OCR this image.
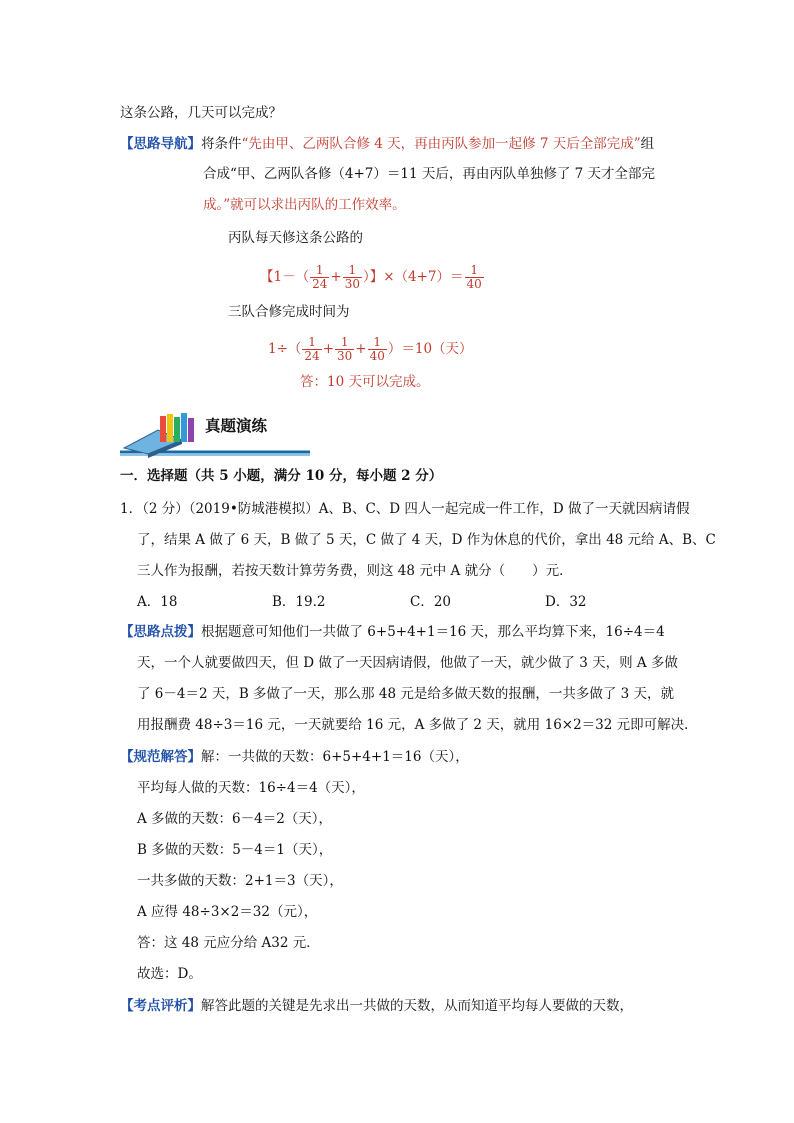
这条公路，几天可以完成？
【思路导航】将条件“先由甲、乙两队合修 4 天，再由丙队参加一起修 7 天后全部完成”组
合成“甲、乙两队各修（4+7）＝11 天后，再由丙队单独修了 7 天才全部完
成。”就可以求出丙队的工作效率。
丙队每天修这条公路的
【$1-( \frac{1}{24} + \frac{1}{30}$ ）】$\times(4+7)= \frac{1}{40}$
三队合修完成时间为
$1\div( \frac{1}{24} + \frac{1}{30} + \frac{1}{40} )=10$（天）
答：10 天可以完成。
真题演练
一．选择题（共 5 小题，满分 10 分，每小题 2 分）
1．（2 分）（2019•防城港模拟）A、B、C、D 四人一起完成一件工作，D 做了一天就因病请假
了，结果 A 做了 6 天，B 做了 5 天，C 做了 4 天，D 作为休息的代价，拿出 48 元给 A、B、C
三人作为报酬，若按天数计算劳务费，则这 48 元中 A 就分（　　）元．
A．18	B．19.2	C．20	D．32
【思路点拨】根据题意可知他们一共做了 6+5+4+1＝16 天，那么平均算下来，16÷4＝4
天，一个人就要做四天，但 D 做了一天因病请假，他做了一天，就少做了 3 天，则 A 多做
了 6－4＝2 天，B 多做了一天，那么那 48 元是给多做天数的报酬，一共多做了 3 天，就
用报酬费 48÷3＝16 元，一天就要给 16 元，A 多做了 2 天，就用 16×2＝32 元即可解决．
【规范解答】解：一共做的天数：6+5+4+1＝16（天），
平均每人做的天数：16÷4＝4（天），
A 多做的天数：6－4＝2（天），
B 多做的天数：5－4＝1（天），
一共多做的天数：2+1＝3（天），
A 应得 48÷3×2＝32（元），
答：这 48 元应分给 A32 元．
故选：D。
【考点评析】解答此题的关键是先求出一共做的天数，从而知道平均每人要做的天数，
